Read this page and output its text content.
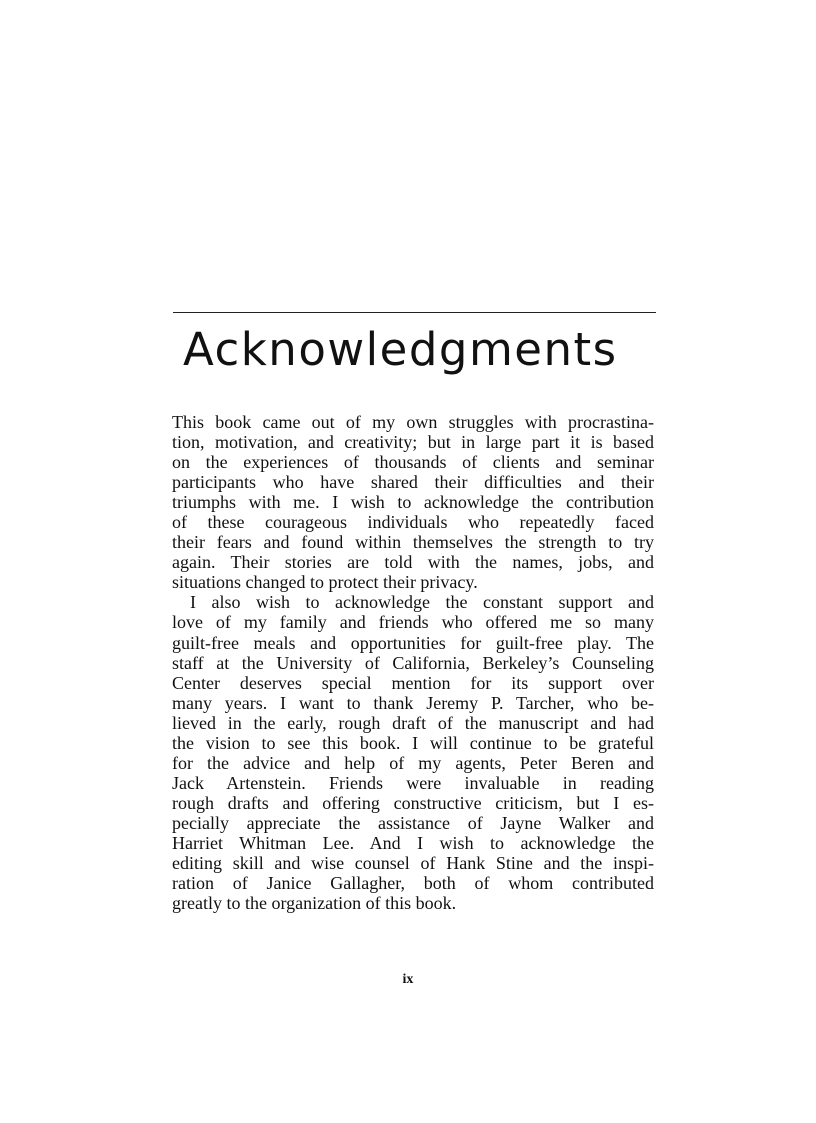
Acknowledgments
This book came out of my own struggles with procrastina-
tion, motivation, and creativity; but in large part it is based
on the experiences of thousands of clients and seminar
participants who have shared their difficulties and their
triumphs with me. I wish to acknowledge the contribution
of these courageous individuals who repeatedly faced
their fears and found within themselves the strength to try
again. Their stories are told with the names, jobs, and
situations changed to protect their privacy.
I also wish to acknowledge the constant support and
love of my family and friends who offered me so many
guilt-free meals and opportunities for guilt-free play. The
staff at the University of California, Berkeley’s Counseling
Center deserves special mention for its support over
many years. I want to thank Jeremy P. Tarcher, who be-
lieved in the early, rough draft of the manuscript and had
the vision to see this book. I will continue to be grateful
for the advice and help of my agents, Peter Beren and
Jack Artenstein. Friends were invaluable in reading
rough drafts and offering constructive criticism, but I es-
pecially appreciate the assistance of Jayne Walker and
Harriet Whitman Lee. And I wish to acknowledge the
editing skill and wise counsel of Hank Stine and the inspi-
ration of Janice Gallagher, both of whom contributed
greatly to the organization of this book.
ix
